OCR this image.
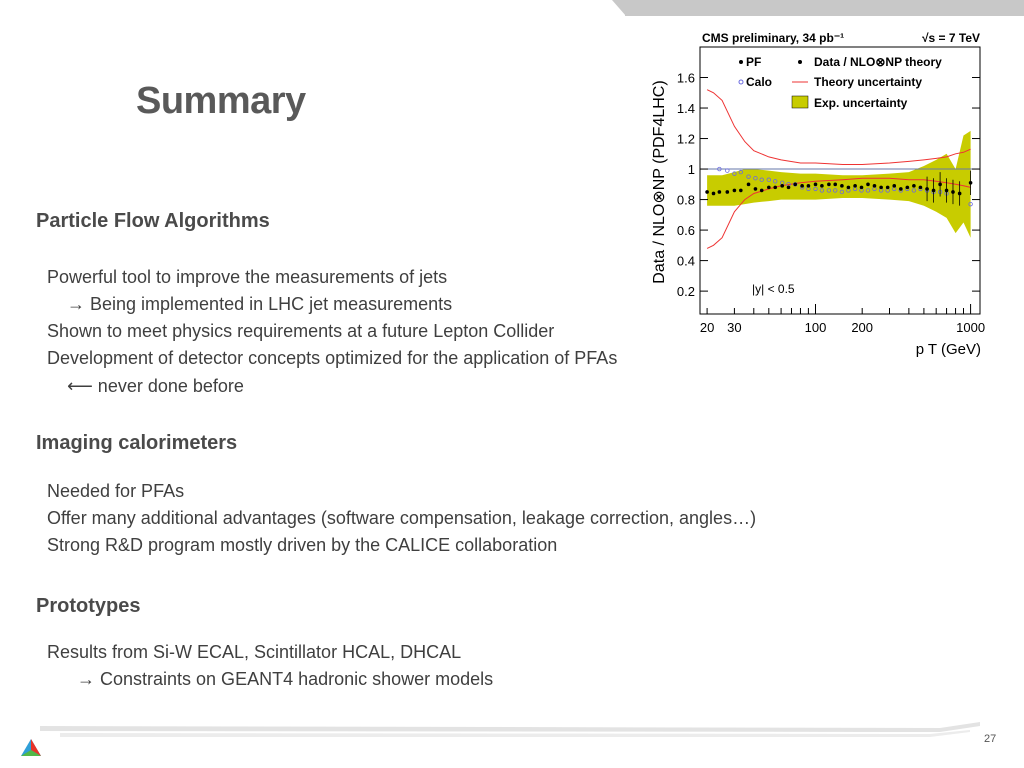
Summary
Particle Flow Algorithms
Powerful tool to improve the measurements of jets
→ Being implemented in LHC jet measurements
Shown to meet physics requirements at a future Lepton Collider
Development of detector concepts optimized for the application of PFAs
⟵ never done before
Imaging calorimeters
Needed for PFAs
Offer many additional advantages (software compensation, leakage correction, angles…)
Strong R&D program mostly driven by the CALICE collaboration
Prototypes
Results from Si-W ECAL, Scintillator HCAL, DHCAL
→ Constraints on GEANT4 hadronic shower models
0.2
0.4
0.6
0.8
1
1.2
1.4
1.6
20 30	100 200	1000
p T (GeV)
Data / NLO⊗NP (PDF4LHC)
CMS preliminary, 34 pb⁻¹	√s = 7 TeV
|y| < 0.5
PF
Calo
Data / NLO⊗NP theory
Theory uncertainty
Exp. uncertainty
27
